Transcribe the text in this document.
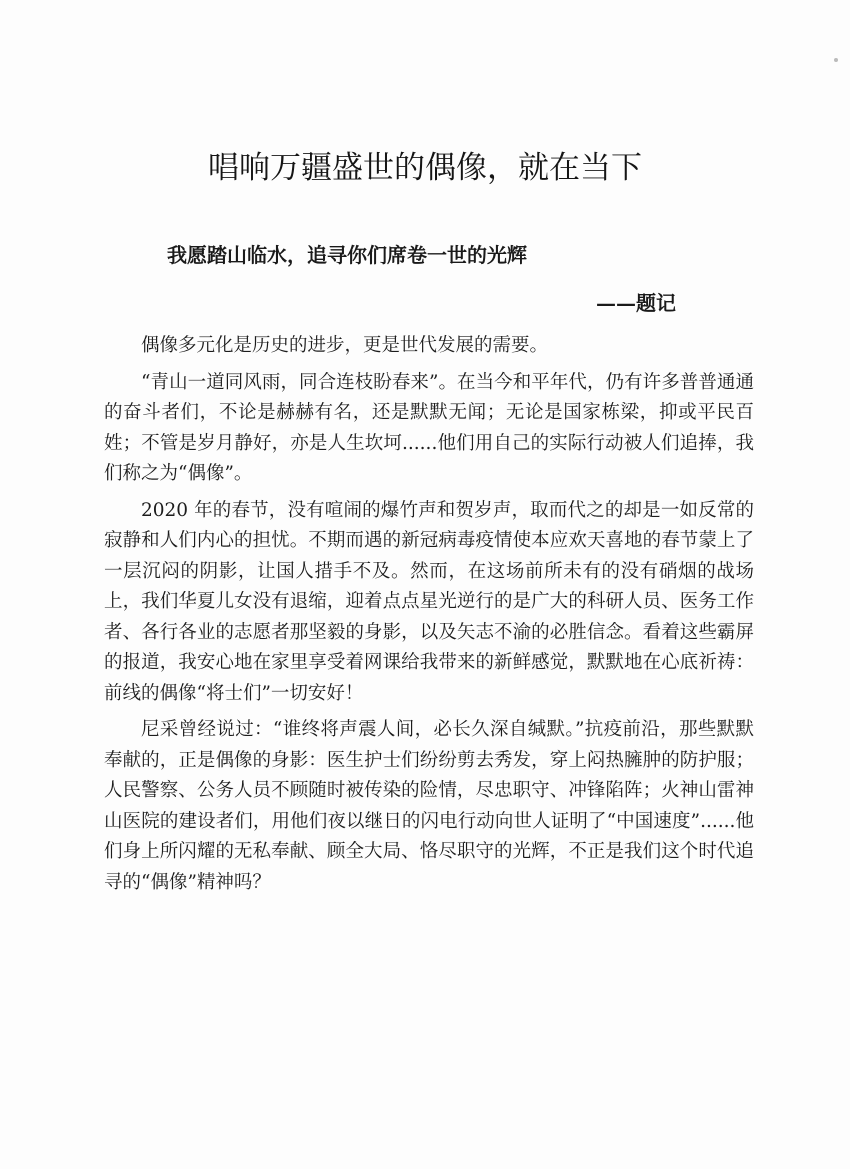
唱响万疆盛世的偶像，就在当下

我愿踏山临水，追寻你们席卷一世的光辉

——题记

偶像多元化是历史的进步，更是世代发展的需要。

“青山一道同风雨，同合连枝盼春来”。在当今和平年代，仍有许多普普通通的奋斗者们，不论是赫赫有名，还是默默无闻；无论是国家栋梁，抑或平民百姓；不管是岁月静好，亦是人生坎坷......他们用自己的实际行动被人们追捧，我们称之为“偶像”。

2020 年的春节，没有喧闹的爆竹声和贺岁声，取而代之的却是一如反常的寂静和人们内心的担忧。不期而遇的新冠病毒疫情使本应欢天喜地的春节蒙上了一层沉闷的阴影，让国人措手不及。然而，在这场前所未有的没有硝烟的战场上，我们华夏儿女没有退缩，迎着点点星光逆行的是广大的科研人员、医务工作者、各行各业的志愿者那坚毅的身影，以及矢志不渝的必胜信念。看着这些霸屏的报道，我安心地在家里享受着网课给我带来的新鲜感觉，默默地在心底祈祷：前线的偶像“将士们”一切安好！

尼采曾经说过：“谁终将声震人间，必长久深自缄默。”抗疫前沿，那些默默奉献的，正是偶像的身影：医生护士们纷纷剪去秀发，穿上闷热臃肿的防护服；人民警察、公务人员不顾随时被传染的险情，尽忠职守、冲锋陷阵；火神山雷神山医院的建设者们，用他们夜以继日的闪电行动向世人证明了“中国速度”......他们身上所闪耀的无私奉献、顾全大局、恪尽职守的光辉，不正是我们这个时代追寻的“偶像”精神吗？
